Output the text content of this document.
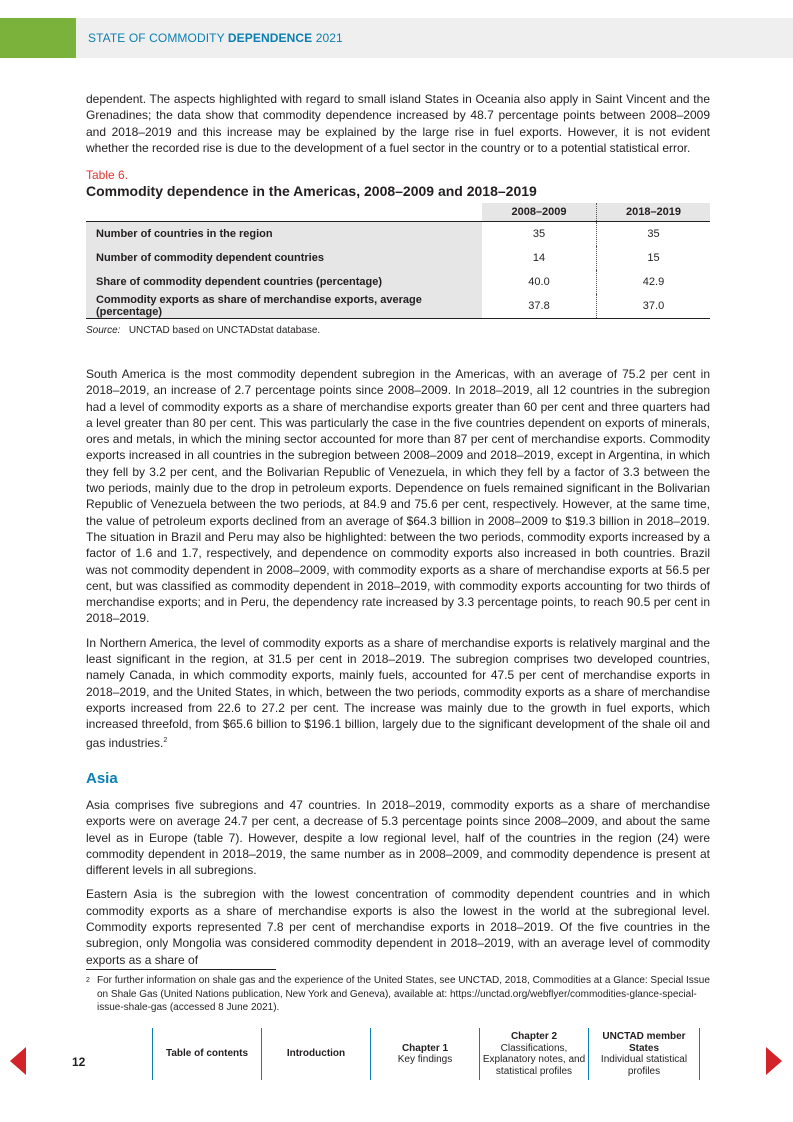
STATE OF COMMODITY DEPENDENCE 2021

dependent. The aspects highlighted with regard to small island States in Oceania also apply in Saint Vincent and the Grenadines; the data show that commodity dependence increased by 48.7 percentage points between 2008–2009 and 2018–2019 and this increase may be explained by the large rise in fuel exports. However, it is not evident whether the recorded rise is due to the development of a fuel sector in the country or to a potential statistical error.

Table 6.

Commodity dependence in the Americas, 2008–2009 and 2018–2019

	2008–2009	2018–2019
Number of countries in the region	35	35
Number of commodity dependent countries	14	15
Share of commodity dependent countries (percentage)	40.0	42.9
Commodity exports as share of merchandise exports, average (percentage)	37.8	37.0
Source: UNCTAD based on UNCTADstat database.

South America is the most commodity dependent subregion in the Americas, with an average of 75.2 per cent in 2018–2019, an increase of 2.7 percentage points since 2008–2009. In 2018–2019, all 12 countries in the subregion had a level of commodity exports as a share of merchandise exports greater than 60 per cent and three quarters had a level greater than 80 per cent. This was particularly the case in the five countries dependent on exports of minerals, ores and metals, in which the mining sector accounted for more than 87 per cent of merchandise exports. Commodity exports increased in all countries in the subregion between 2008–2009 and 2018–2019, except in Argentina, in which they fell by 3.2 per cent, and the Bolivarian Republic of Venezuela, in which they fell by a factor of 3.3 between the two periods, mainly due to the drop in petroleum exports. Dependence on fuels remained significant in the Bolivarian Republic of Venezuela between the two periods, at 84.9 and 75.6 per cent, respectively. However, at the same time, the value of petroleum exports declined from an average of $64.3 billion in 2008–2009 to $19.3 billion in 2018–2019. The situation in Brazil and Peru may also be highlighted: between the two periods, commodity exports increased by a factor of 1.6 and 1.7, respectively, and dependence on commodity exports also increased in both countries. Brazil was not commodity dependent in 2008–2009, with commodity exports as a share of merchandise exports at 56.5 per cent, but was classified as commodity dependent in 2018–2019, with commodity exports accounting for two thirds of merchandise exports; and in Peru, the dependency rate increased by 3.3 percentage points, to reach 90.5 per cent in 2018–2019.

In Northern America, the level of commodity exports as a share of merchandise exports is relatively marginal and the least significant in the region, at 31.5 per cent in 2018–2019. The subregion comprises two developed countries, namely Canada, in which commodity exports, mainly fuels, accounted for 47.5 per cent of merchandise exports in 2018–2019, and the United States, in which, between the two periods, commodity exports as a share of merchandise exports increased from 22.6 to 27.2 per cent. The increase was mainly due to the growth in fuel exports, which increased threefold, from $65.6 billion to $196.1 billion, largely due to the significant development of the shale oil and gas industries.$^2$

Asia

Asia comprises five subregions and 47 countries. In 2018–2019, commodity exports as a share of merchandise exports were on average 24.7 per cent, a decrease of 5.3 percentage points since 2008–2009, and about the same level as in Europe (table 7). However, despite a low regional level, half of the countries in the region (24) were commodity dependent in 2018–2019, the same number as in 2008–2009, and commodity dependence is present at different levels in all subregions.

Eastern Asia is the subregion with the lowest concentration of commodity dependent countries and in which commodity exports as a share of merchandise exports is also the lowest in the world at the subregional level. Commodity exports represented 7.8 per cent of merchandise exports in 2018–2019. Of the five countries in the subregion, only Mongolia was considered commodity dependent in 2018–2019, with an average level of commodity exports as a share of

2 For further information on shale gas and the experience of the United States, see UNCTAD, 2018, Commodities at a Glance: Special Issue on Shale Gas (United Nations publication, New York and Geneva), available at: https://unctad.org/webflyer/commodities-glance-special-issue-shale-gas (accessed 8 June 2021).
12
Table of contents	Introduction
Chapter 1
Key findings
Chapter 2
Classifications,
Explanatory notes, and
statistical profiles
UNCTAD member States
Individual statistical
profiles
